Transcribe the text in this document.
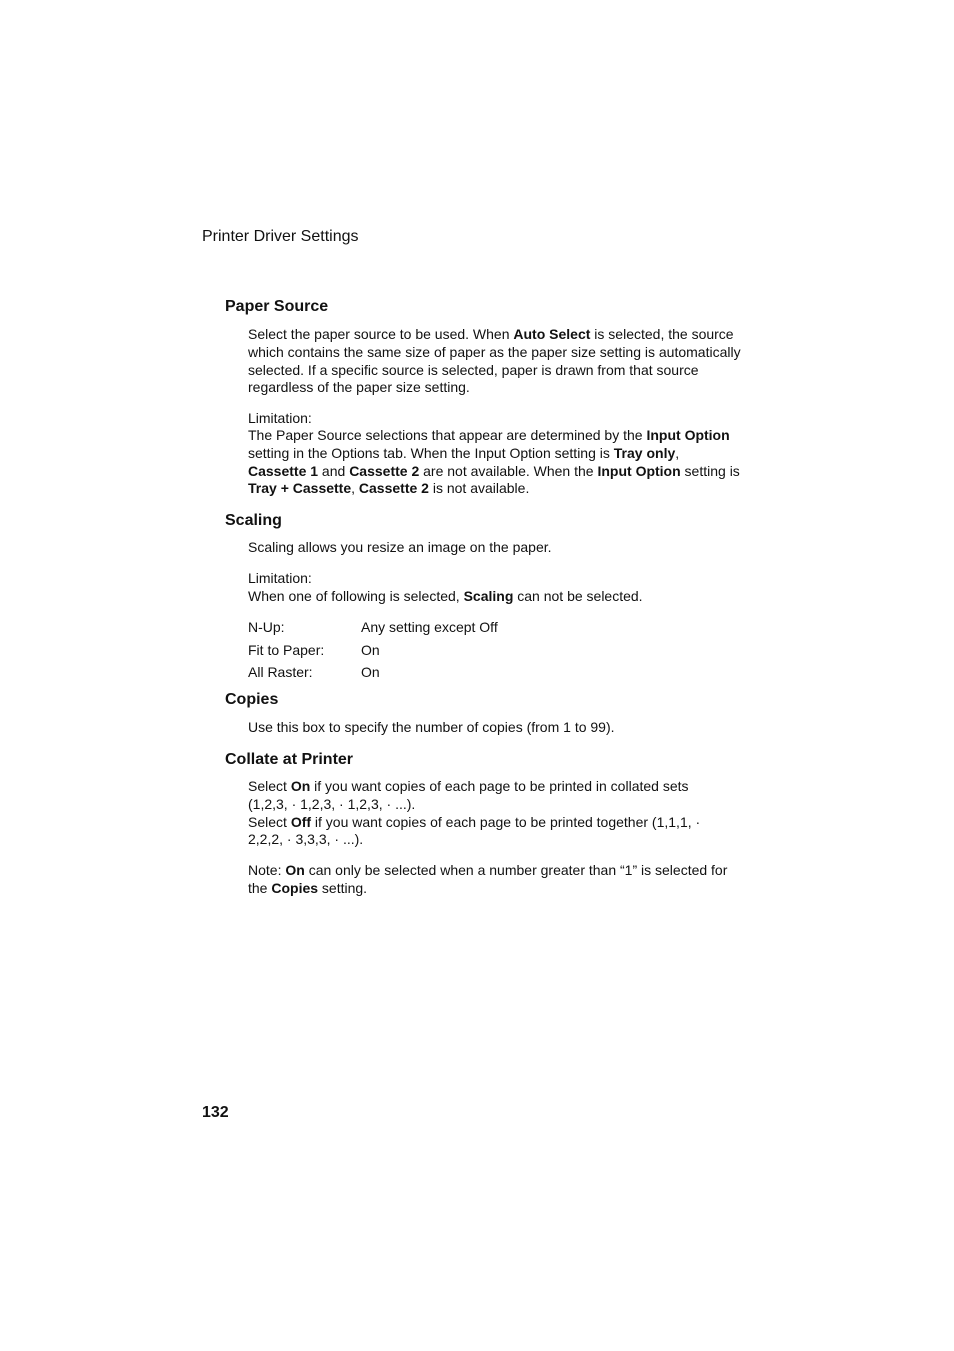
Printer Driver Settings
Paper Source

Select the paper source to be used. When Auto Select is selected, the source which contains the same size of paper as the paper size setting is automatically selected. If a specific source is selected, paper is drawn from that source regardless of the paper size setting.

Limitation:

The Paper Source selections that appear are determined by the Input Option setting in the Options tab. When the Input Option setting is Tray only,
Cassette 1 and Cassette 2 are not available. When the Input Option setting is Tray + Cassette, Cassette 2 is not available.

Scaling

Scaling allows you resize an image on the paper.

Limitation:

When one of following is selected, Scaling can not be selected.

N-Up:	Any setting except Off
Fit to Paper:	On
All Raster:	On
Copies

Use this box to specify the number of copies (from 1 to 99).

Collate at Printer

Select On if you want copies of each page to be printed in collated sets (1,2,3, · 1,2,3, · 1,2,3, · ...).
Select Off if you want copies of each page to be printed together (1,1,1, · 2,2,2, · 3,3,3, · ...).

Note: On can only be selected when a number greater than “1” is selected for the Copies setting.

132
